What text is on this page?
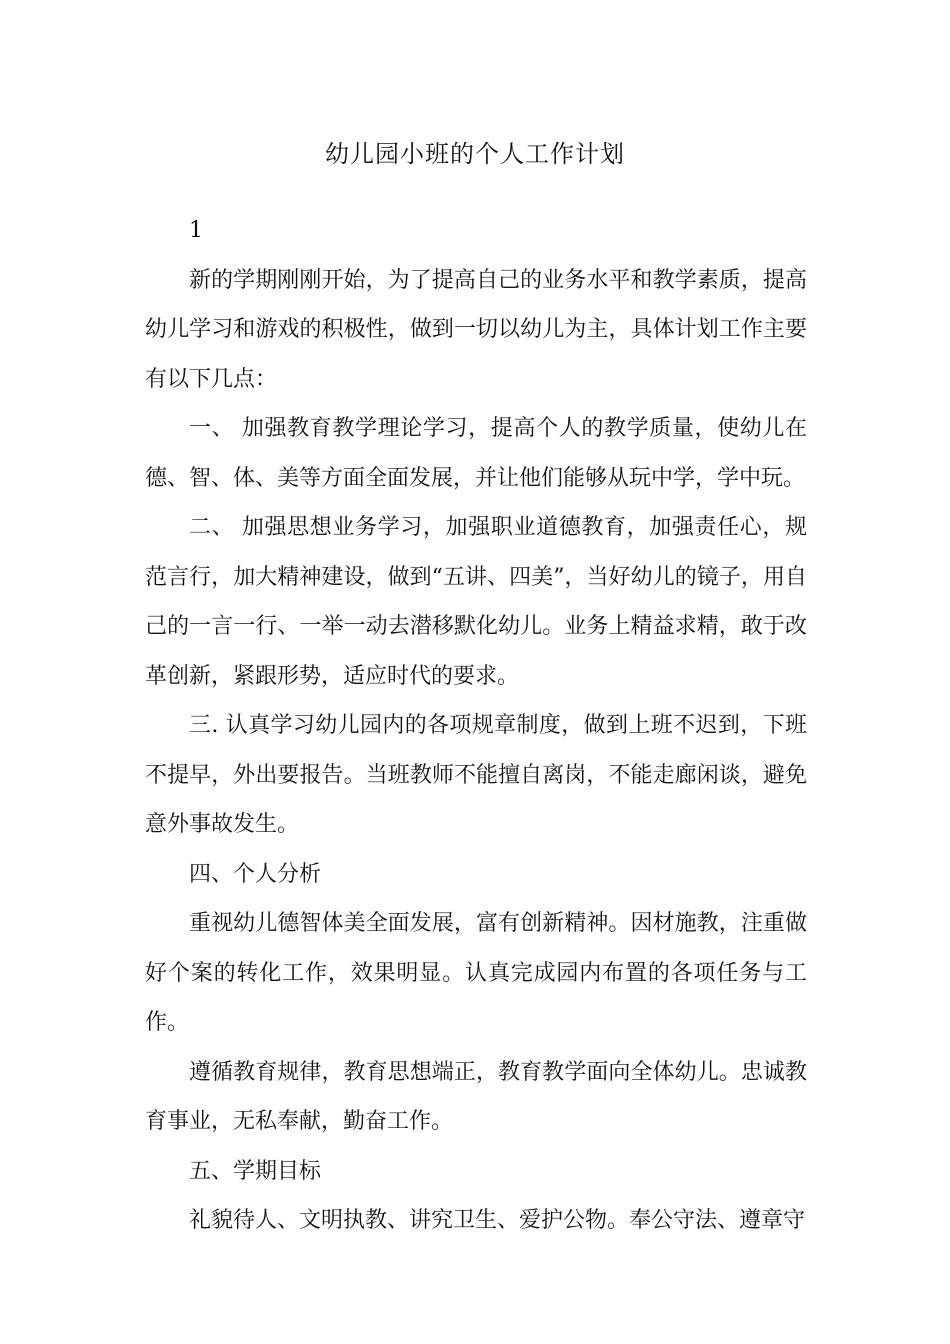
幼儿园小班的个人工作计划

1

新的学期刚刚开始，为了提高自己的业务水平和教学素质，提高幼儿学习和游戏的积极性，做到一切以幼儿为主，具体计划工作主要有以下几点：

一、 加强教育教学理论学习，提高个人的教学质量，使幼儿在德、智、体、美等方面全面发展，并让他们能够从玩中学，学中玩。

二、 加强思想业务学习，加强职业道德教育，加强责任心，规范言行，加大精神建设，做到“五讲、四美”，当好幼儿的镜子，用自己的一言一行、一举一动去潜移默化幼儿。业务上精益求精，敢于改革创新，紧跟形势，适应时代的要求。

三. 认真学习幼儿园内的各项规章制度，做到上班不迟到，下班不提早，外出要报告。当班教师不能擅自离岗，不能走廊闲谈，避免意外事故发生。

四、个人分析

重视幼儿德智体美全面发展，富有创新精神。因材施教，注重做好个案的转化工作，效果明显。认真完成园内布置的各项任务与工作。

遵循教育规律，教育思想端正，教育教学面向全体幼儿。忠诚教育事业，无私奉献，勤奋工作。

五、学期目标

礼貌待人、文明执教、讲究卫生、爱护公物。奉公守法、遵章守
